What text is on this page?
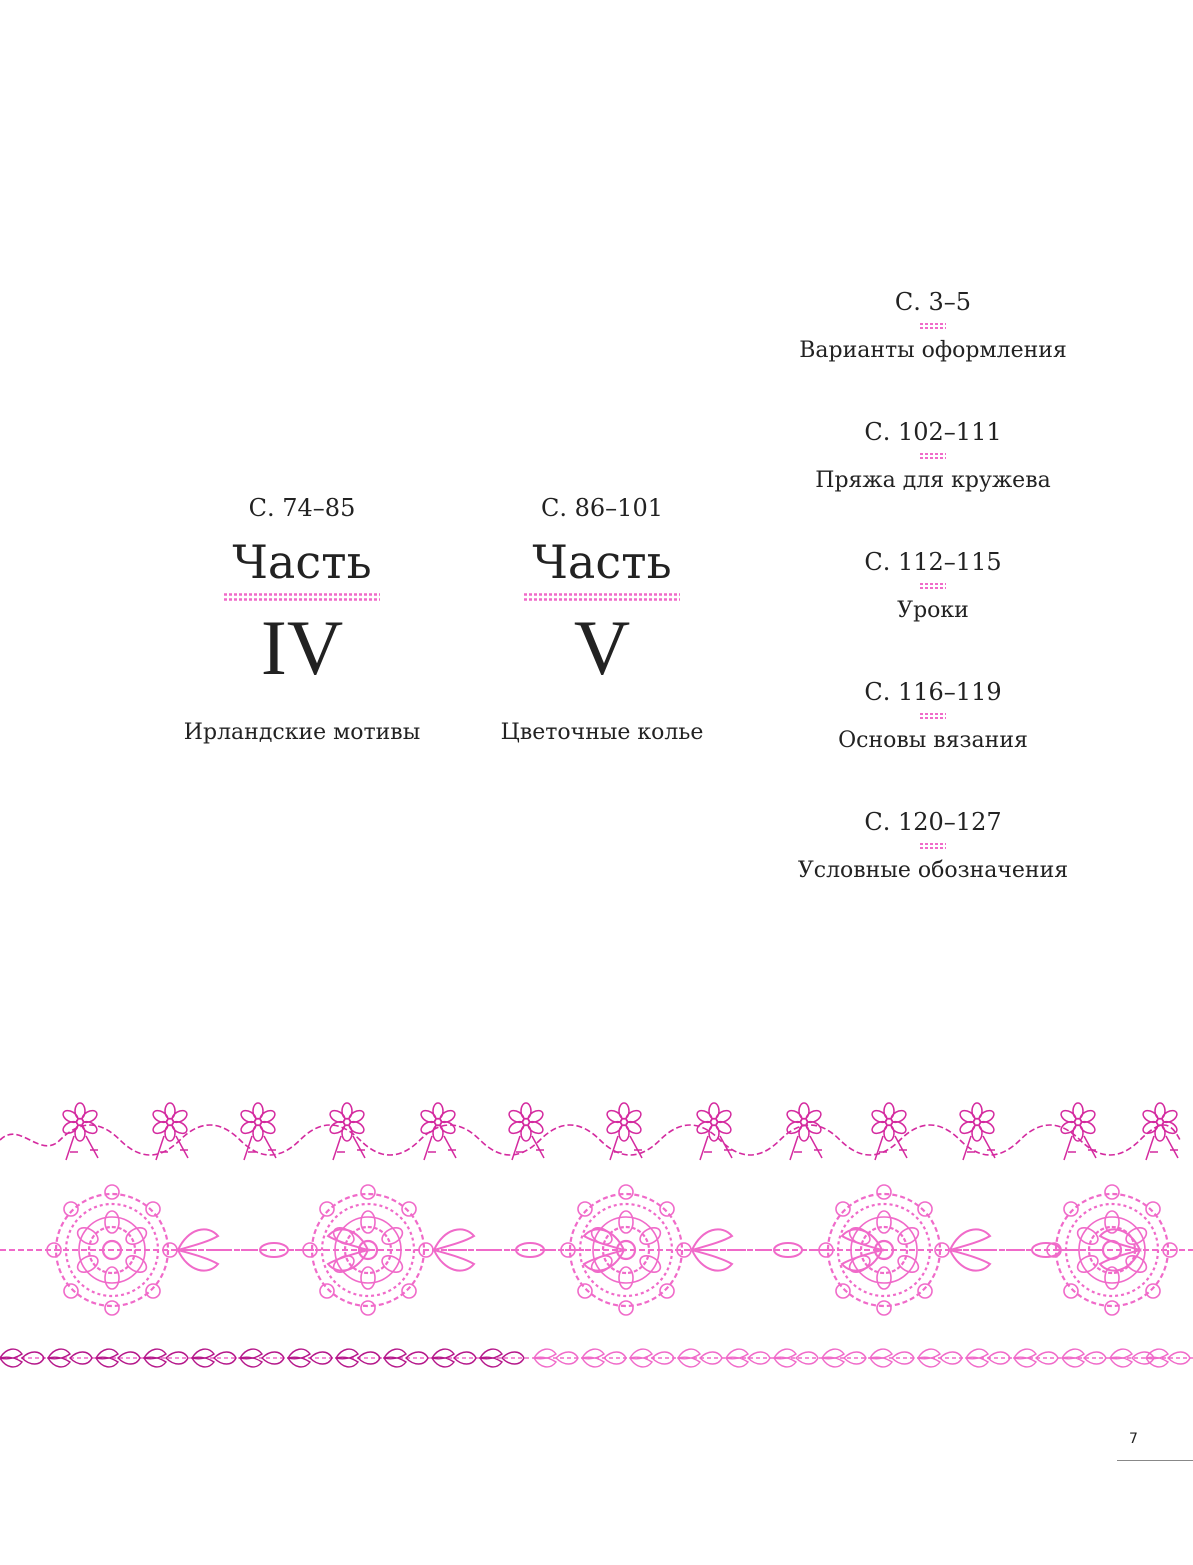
С. 74–85
Часть
IV
Ирландские мотивы
С. 86–101
Часть
V
Цветочные колье
С. 3–5
Варианты оформления
С. 102–111
Пряжа для кружева
С. 112–115
Уроки
С. 116–119
Основы вязания
С. 120–127
Условные обозначения
7
